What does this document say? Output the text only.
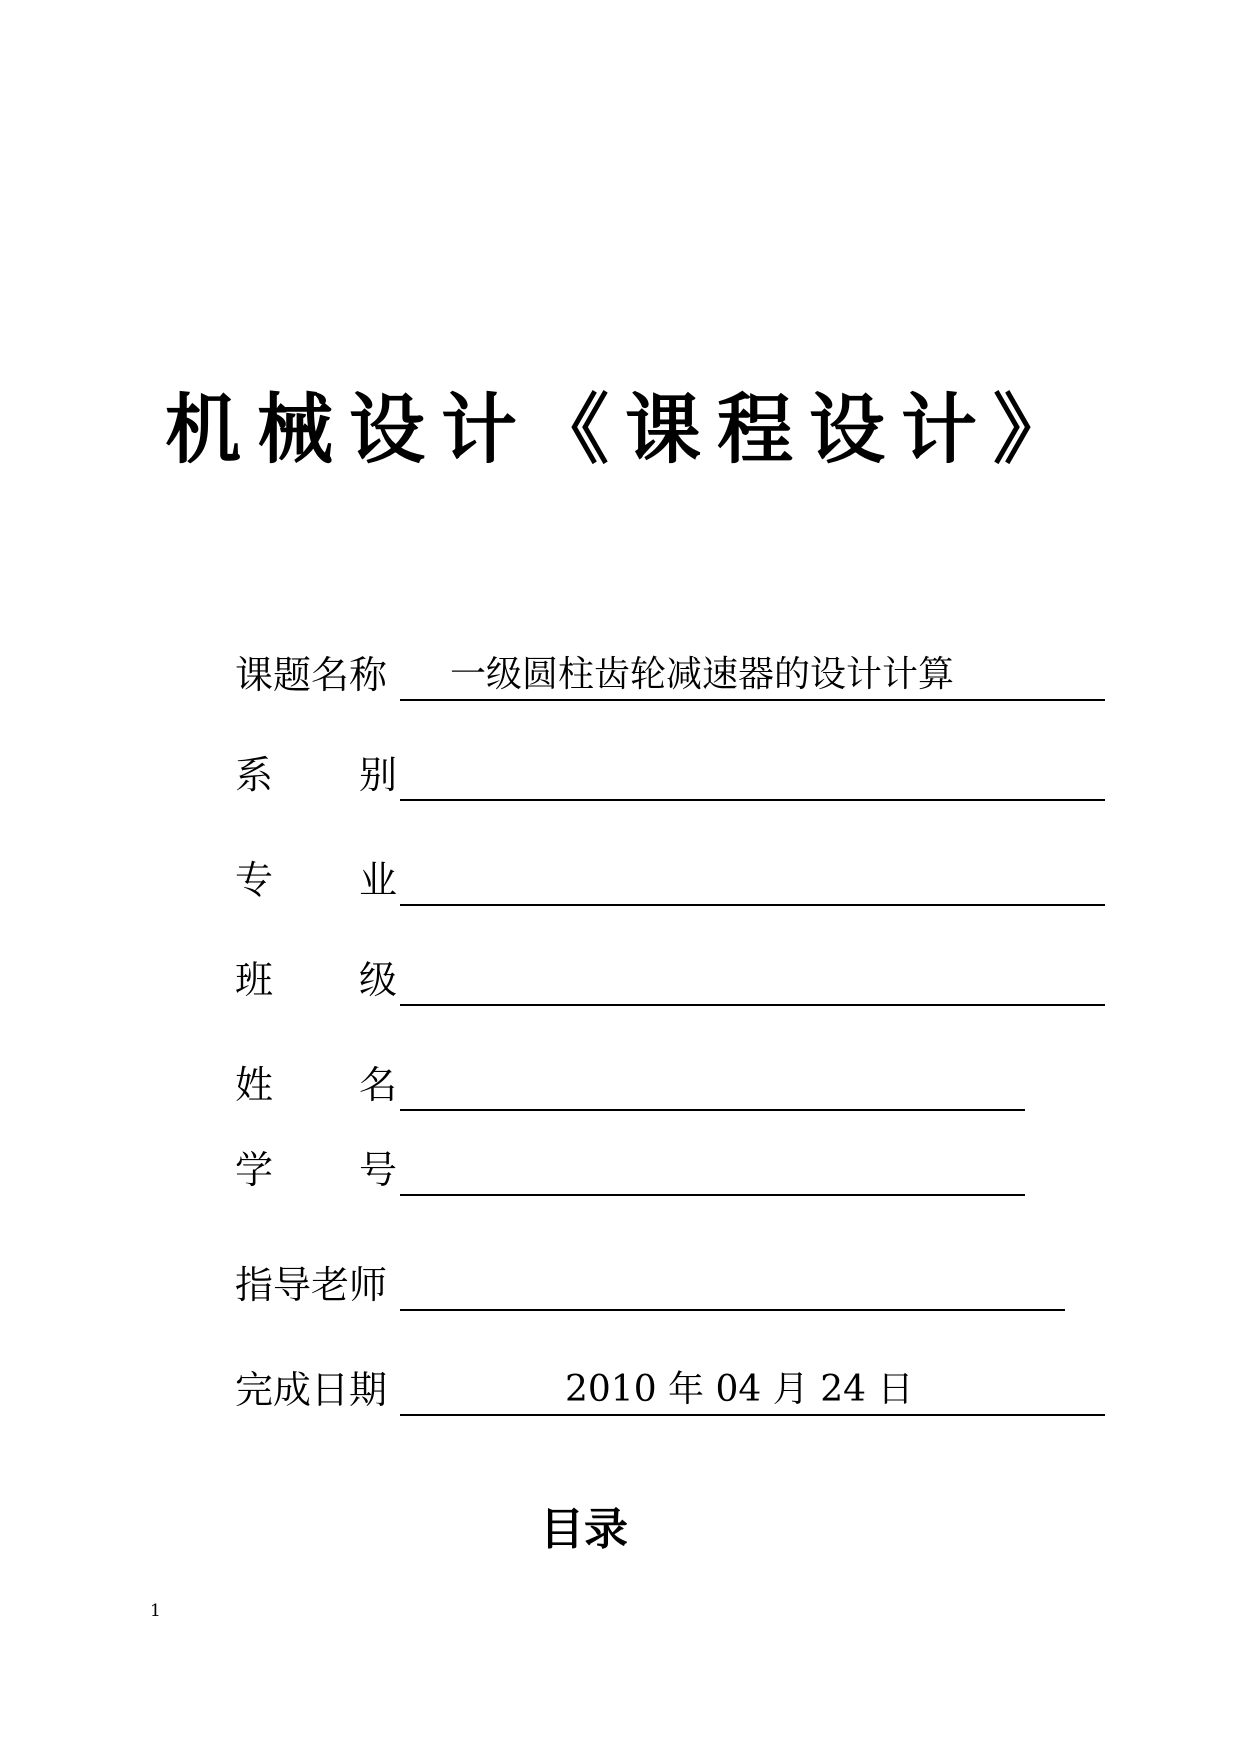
机械设计《课程设计》
课题名称 一级圆柱齿轮减速器的设计计算
系 别
专 业
班 级
姓 名
学 号
指导老师
完成日期	2010 年 04 月 24 日
目录
1
